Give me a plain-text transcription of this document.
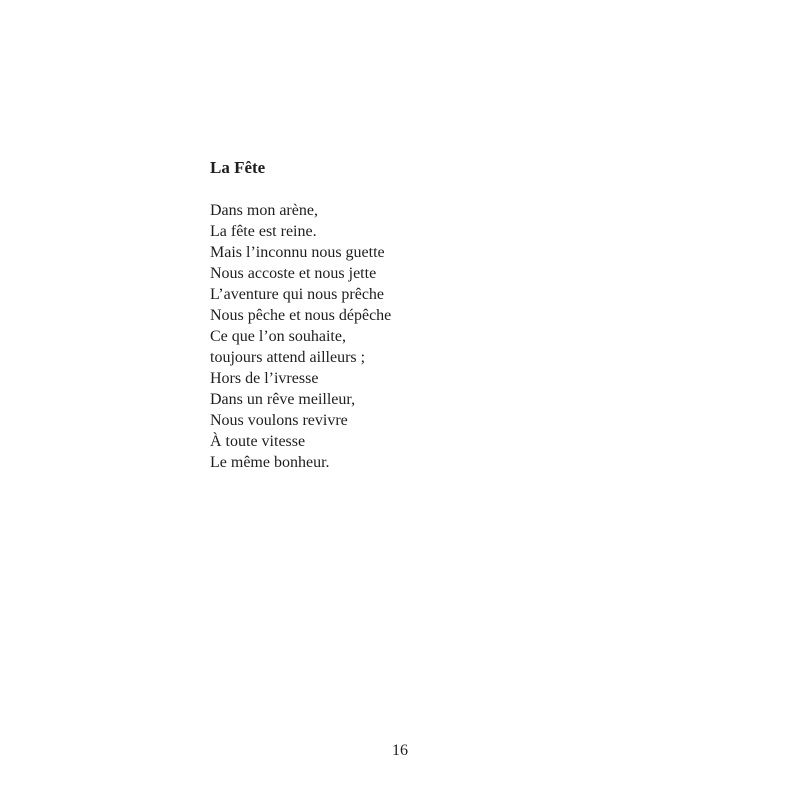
La Fête
Dans mon arène,
La fête est reine.
Mais l’inconnu nous guette
Nous accoste et nous jette
L’aventure qui nous prêche
Nous pêche et nous dépêche
Ce que l’on souhaite,
toujours attend ailleurs ;
Hors de l’ivresse
Dans un rêve meilleur,
Nous voulons revivre
À toute vitesse
Le même bonheur.
16
